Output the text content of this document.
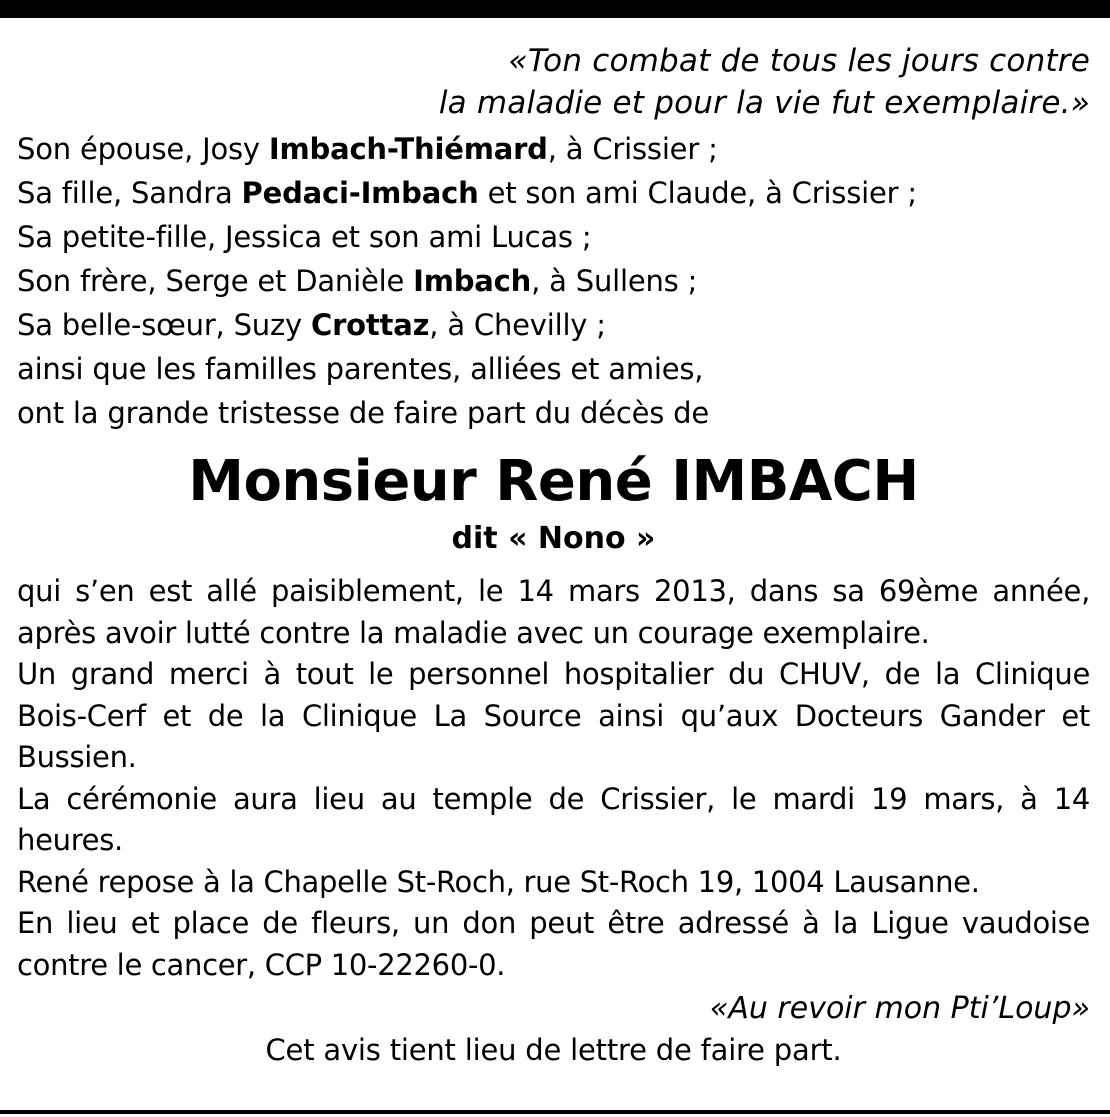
«Ton combat de tous les jours contre
la maladie et pour la vie fut exemplaire.»
Son épouse, Josy Imbach-Thiémard, à Crissier ;
Sa fille, Sandra Pedaci-Imbach et son ami Claude, à Crissier ;
Sa petite-fille, Jessica et son ami Lucas ;
Son frère, Serge et Danièle Imbach, à Sullens ;
Sa belle-sœur, Suzy Crottaz, à Chevilly ;
ainsi que les familles parentes, alliées et amies,
ont la grande tristesse de faire part du décès de
Monsieur René IMBACH
dit « Nono »
qui s’en est allé paisiblement, le 14 mars 2013, dans sa 69ème année, après avoir lutté contre la maladie avec un courage exemplaire.
Un grand merci à tout le personnel hospitalier du CHUV, de la Clinique Bois-Cerf et de la Clinique La Source ainsi qu’aux Docteurs Gander et Bussien.
La cérémonie aura lieu au temple de Crissier, le mardi 19 mars, à 14 heures.
René repose à la Chapelle St-Roch, rue St-Roch 19, 1004 Lausanne.
En lieu et place de fleurs, un don peut être adressé à la Ligue vaudoise contre le cancer, CCP 10-22260-0.
«Au revoir mon Pti’Loup»
Cet avis tient lieu de lettre de faire part.
